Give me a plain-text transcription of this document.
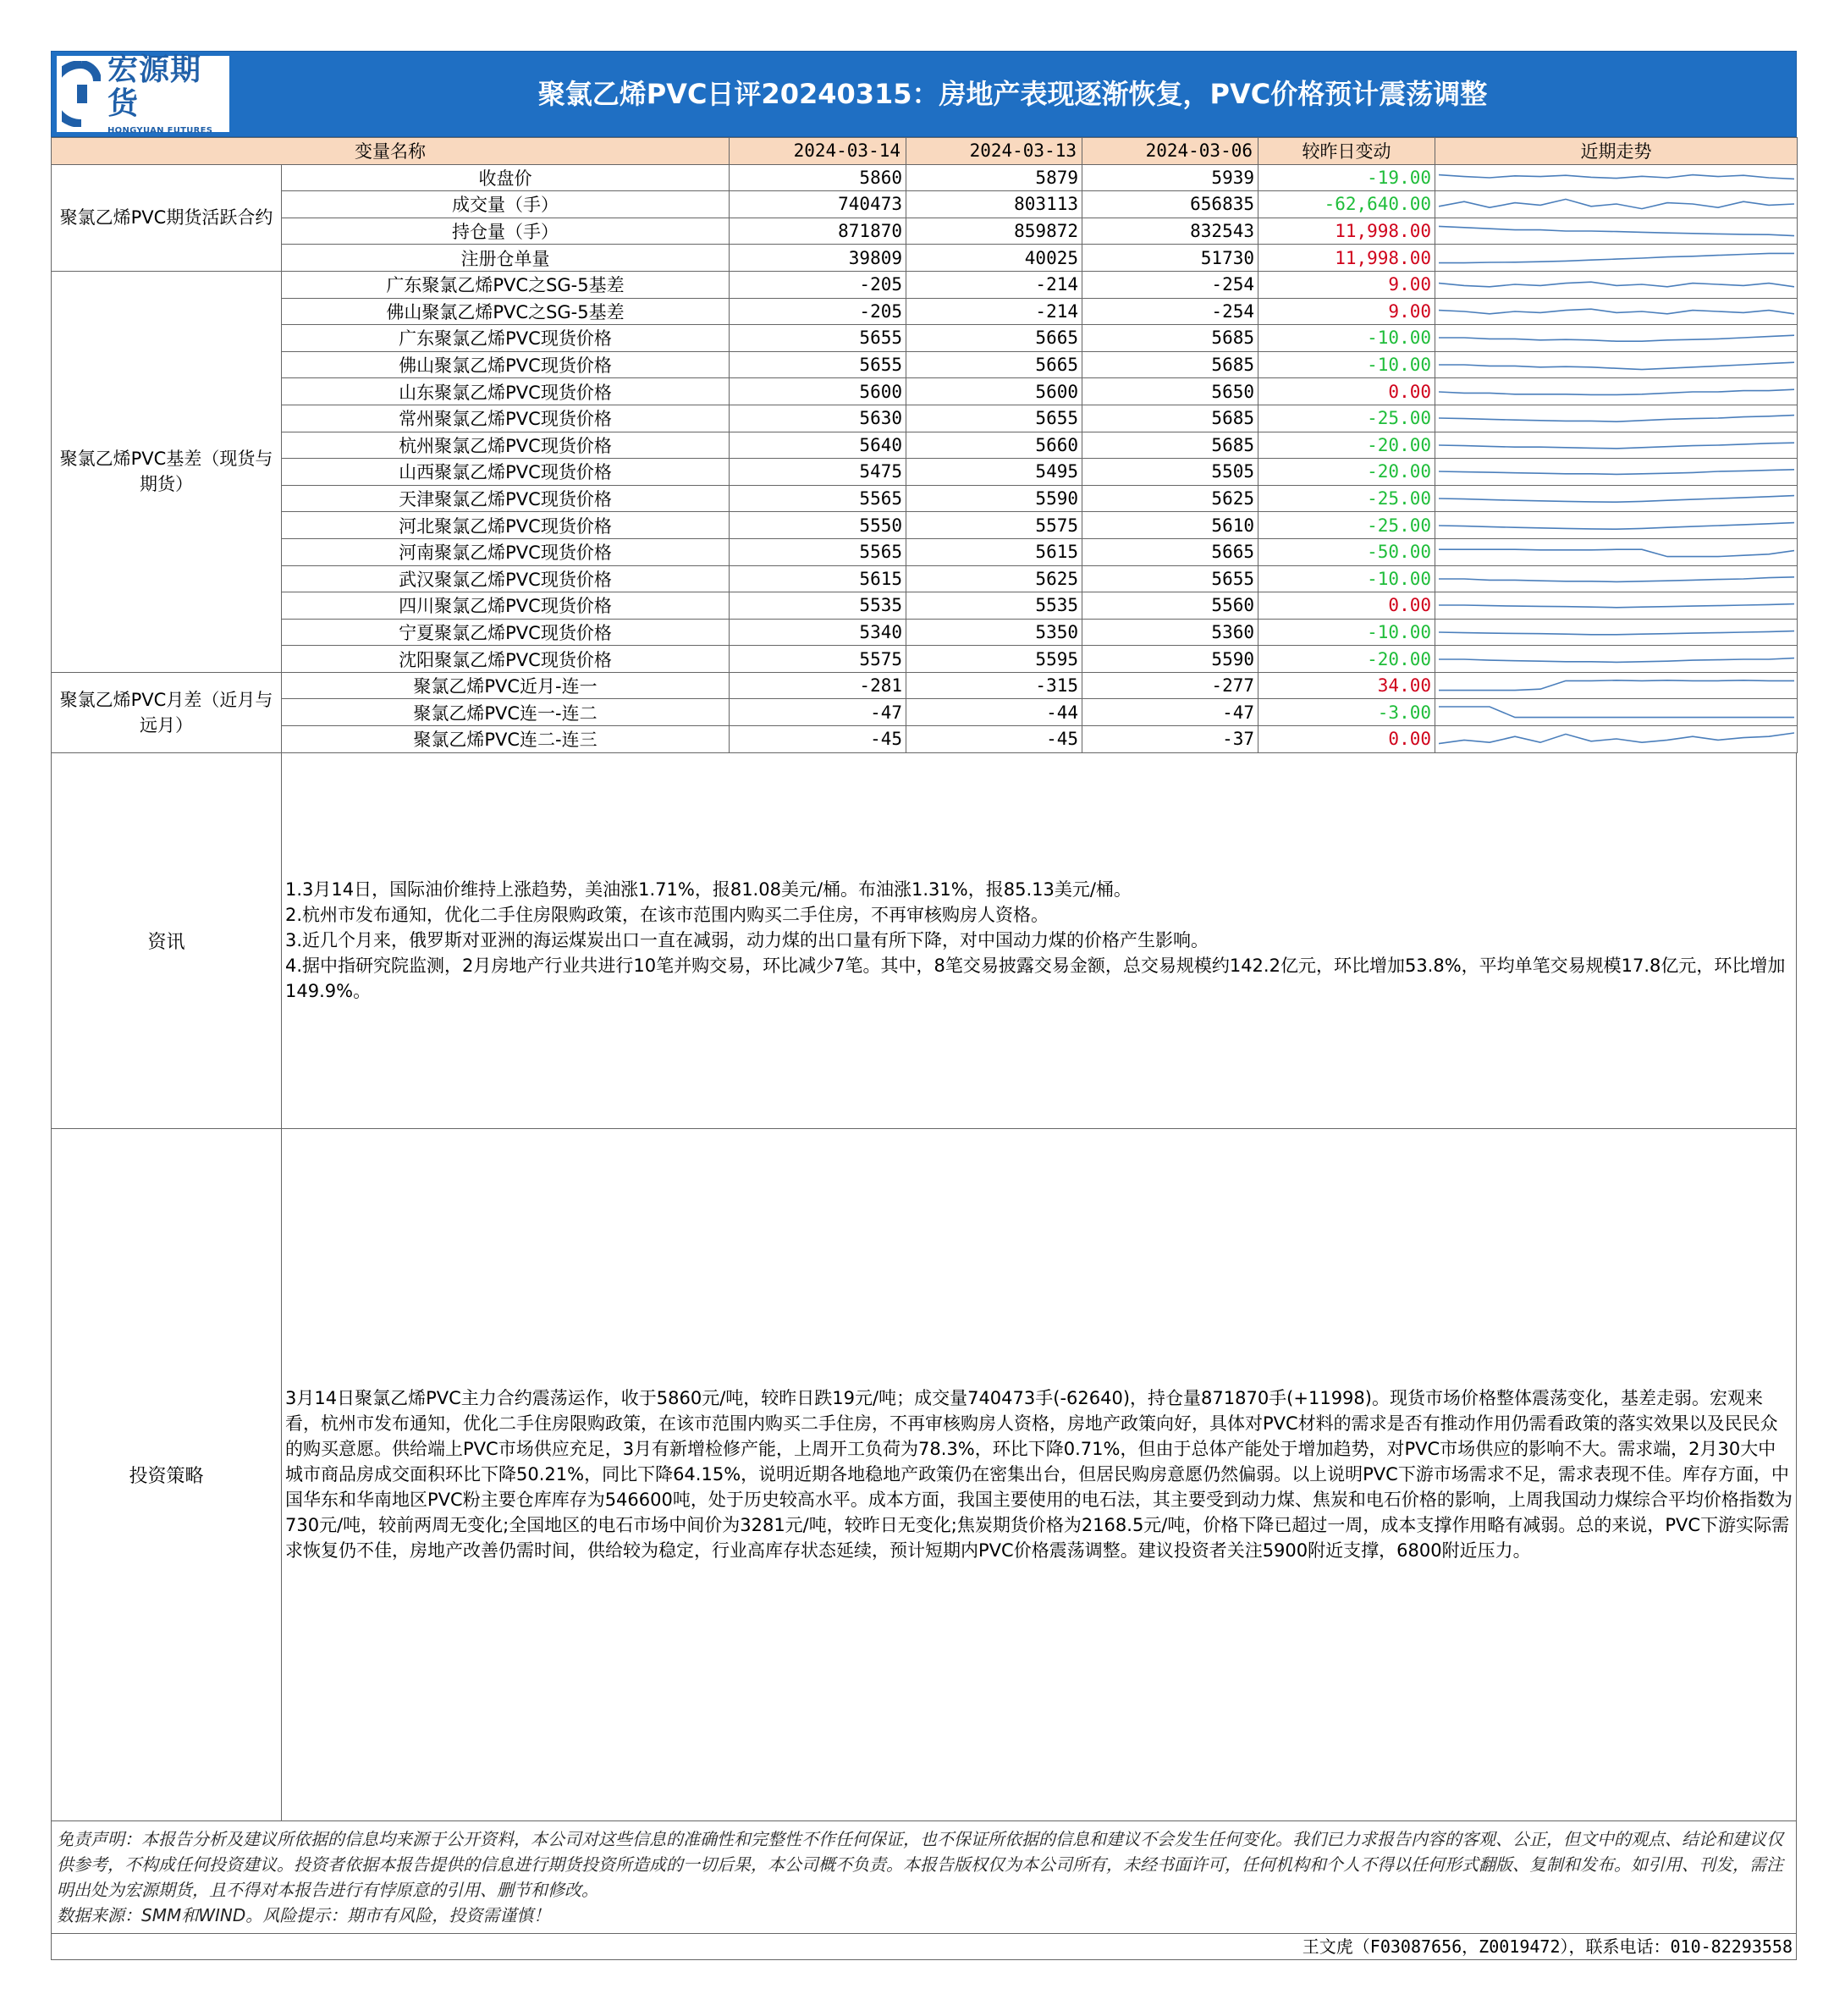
宏源期货
HONGYUAN FUTURES
聚氯乙烯PVC日评20240315：房地产表现逐渐恢复，PVC价格预计震荡调整
变量名称		2024-03-14	2024-03-13	2024-03-06	较昨日变动	近期走势
聚氯乙烯PVC期货活跃合约	收盘价	5860	5879	5939	-19.00	

	成交量（手）	740473	803113	656835	-62,640.00	

	持仓量（手）	871870	859872	832543	11,998.00	

	注册仓单量	39809	40025	51730	11,998.00	

聚氯乙烯PVC基差（现货与期货）	广东聚氯乙烯PVC之SG-5基差	-205	-214	-254	9.00	

	佛山聚氯乙烯PVC之SG-5基差	-205	-214	-254	9.00	

	广东聚氯乙烯PVC现货价格	5655	5665	5685	-10.00	

	佛山聚氯乙烯PVC现货价格	5655	5665	5685	-10.00	

	山东聚氯乙烯PVC现货价格	5600	5600	5650	0.00	

	常州聚氯乙烯PVC现货价格	5630	5655	5685	-25.00	

	杭州聚氯乙烯PVC现货价格	5640	5660	5685	-20.00	

	山西聚氯乙烯PVC现货价格	5475	5495	5505	-20.00	

	天津聚氯乙烯PVC现货价格	5565	5590	5625	-25.00	

	河北聚氯乙烯PVC现货价格	5550	5575	5610	-25.00	

	河南聚氯乙烯PVC现货价格	5565	5615	5665	-50.00	

	武汉聚氯乙烯PVC现货价格	5615	5625	5655	-10.00	

	四川聚氯乙烯PVC现货价格	5535	5535	5560	0.00	

	宁夏聚氯乙烯PVC现货价格	5340	5350	5360	-10.00	

	沈阳聚氯乙烯PVC现货价格	5575	5595	5590	-20.00	

聚氯乙烯PVC月差（近月与远月）	聚氯乙烯PVC近月-连一	-281	-315	-277	34.00	

	聚氯乙烯PVC连一-连二	-47	-44	-47	-3.00	

	聚氯乙烯PVC连二-连三	-45	-45	-37	0.00	
资讯

1.3月14日，国际油价维持上涨趋势，美油涨1.71%，报81.08美元/桶。布油涨1.31%，报85.13美元/桶。

2.杭州市发布通知，优化二手住房限购政策，在该市范围内购买二手住房，不再审核购房人资格。

3.近几个月来，俄罗斯对亚洲的海运煤炭出口一直在减弱，动力煤的出口量有所下降，对中国动力煤的价格产生影响。

4.据中指研究院监测，2月房地产行业共进行10笔并购交易，环比减少7笔。其中，8笔交易披露交易金额，总交易规模约142.2亿元，环比增加53.8%，平均单笔交易规模17.8亿元，环比增加149.9%。

投资策略

3月14日聚氯乙烯PVC主力合约震荡运作，收于5860元/吨，较昨日跌19元/吨；成交量740473手(-62640)，持仓量871870手(+11998)。现货市场价格整体震荡变化，基差走弱。宏观来看，杭州市发布通知，优化二手住房限购政策，在该市范围内购买二手住房，不再审核购房人资格，房地产政策向好，具体对PVC材料的需求是否有推动作用仍需看政策的落实效果以及民民众的购买意愿。供给端上PVC市场供应充足，3月有新增检修产能，上周开工负荷为78.3%，环比下降0.71%，但由于总体产能处于增加趋势，对PVC市场供应的影响不大。需求端，2月30大中城市商品房成交面积环比下降50.21%，同比下降64.15%，说明近期各地稳地产政策仍在密集出台，但居民购房意愿仍然偏弱。以上说明PVC下游市场需求不足，需求表现不佳。库存方面，中国华东和华南地区PVC粉主要仓库库存为546600吨，处于历史较高水平。成本方面，我国主要使用的电石法，其主要受到动力煤、焦炭和电石价格的影响，上周我国动力煤综合平均价格指数为730元/吨，较前两周无变化;全国地区的电石市场中间价为3281元/吨，较昨日无变化;焦炭期货价格为2168.5元/吨，价格下降已超过一周，成本支撑作用略有减弱。总的来说，PVC下游实际需求恢复仍不佳，房地产改善仍需时间，供给较为稳定，行业高库存状态延续，预计短期内PVC价格震荡调整。建议投资者关注5900附近支撑，6800附近压力。

免责声明：本报告分析及建议所依据的信息均来源于公开资料，本公司对这些信息的准确性和完整性不作任何保证，也不保证所依据的信息和建议不会发生任何变化。我们已力求报告内容的客观、公正，但文中的观点、结论和建议仅供参考，不构成任何投资建议。投资者依据本报告提供的信息进行期货投资所造成的一切后果，本公司概不负责。本报告版权仅为本公司所有，未经书面许可，任何机构和个人不得以任何形式翻版、复制和发布。如引用、刊发，需注明出处为宏源期货，且不得对本报告进行有悖原意的引用、删节和修改。
数据来源：SMM和WIND。风险提示：期市有风险，投资需谨慎！
王文虎（F03087656，Z0019472），联系电话：010-82293558
